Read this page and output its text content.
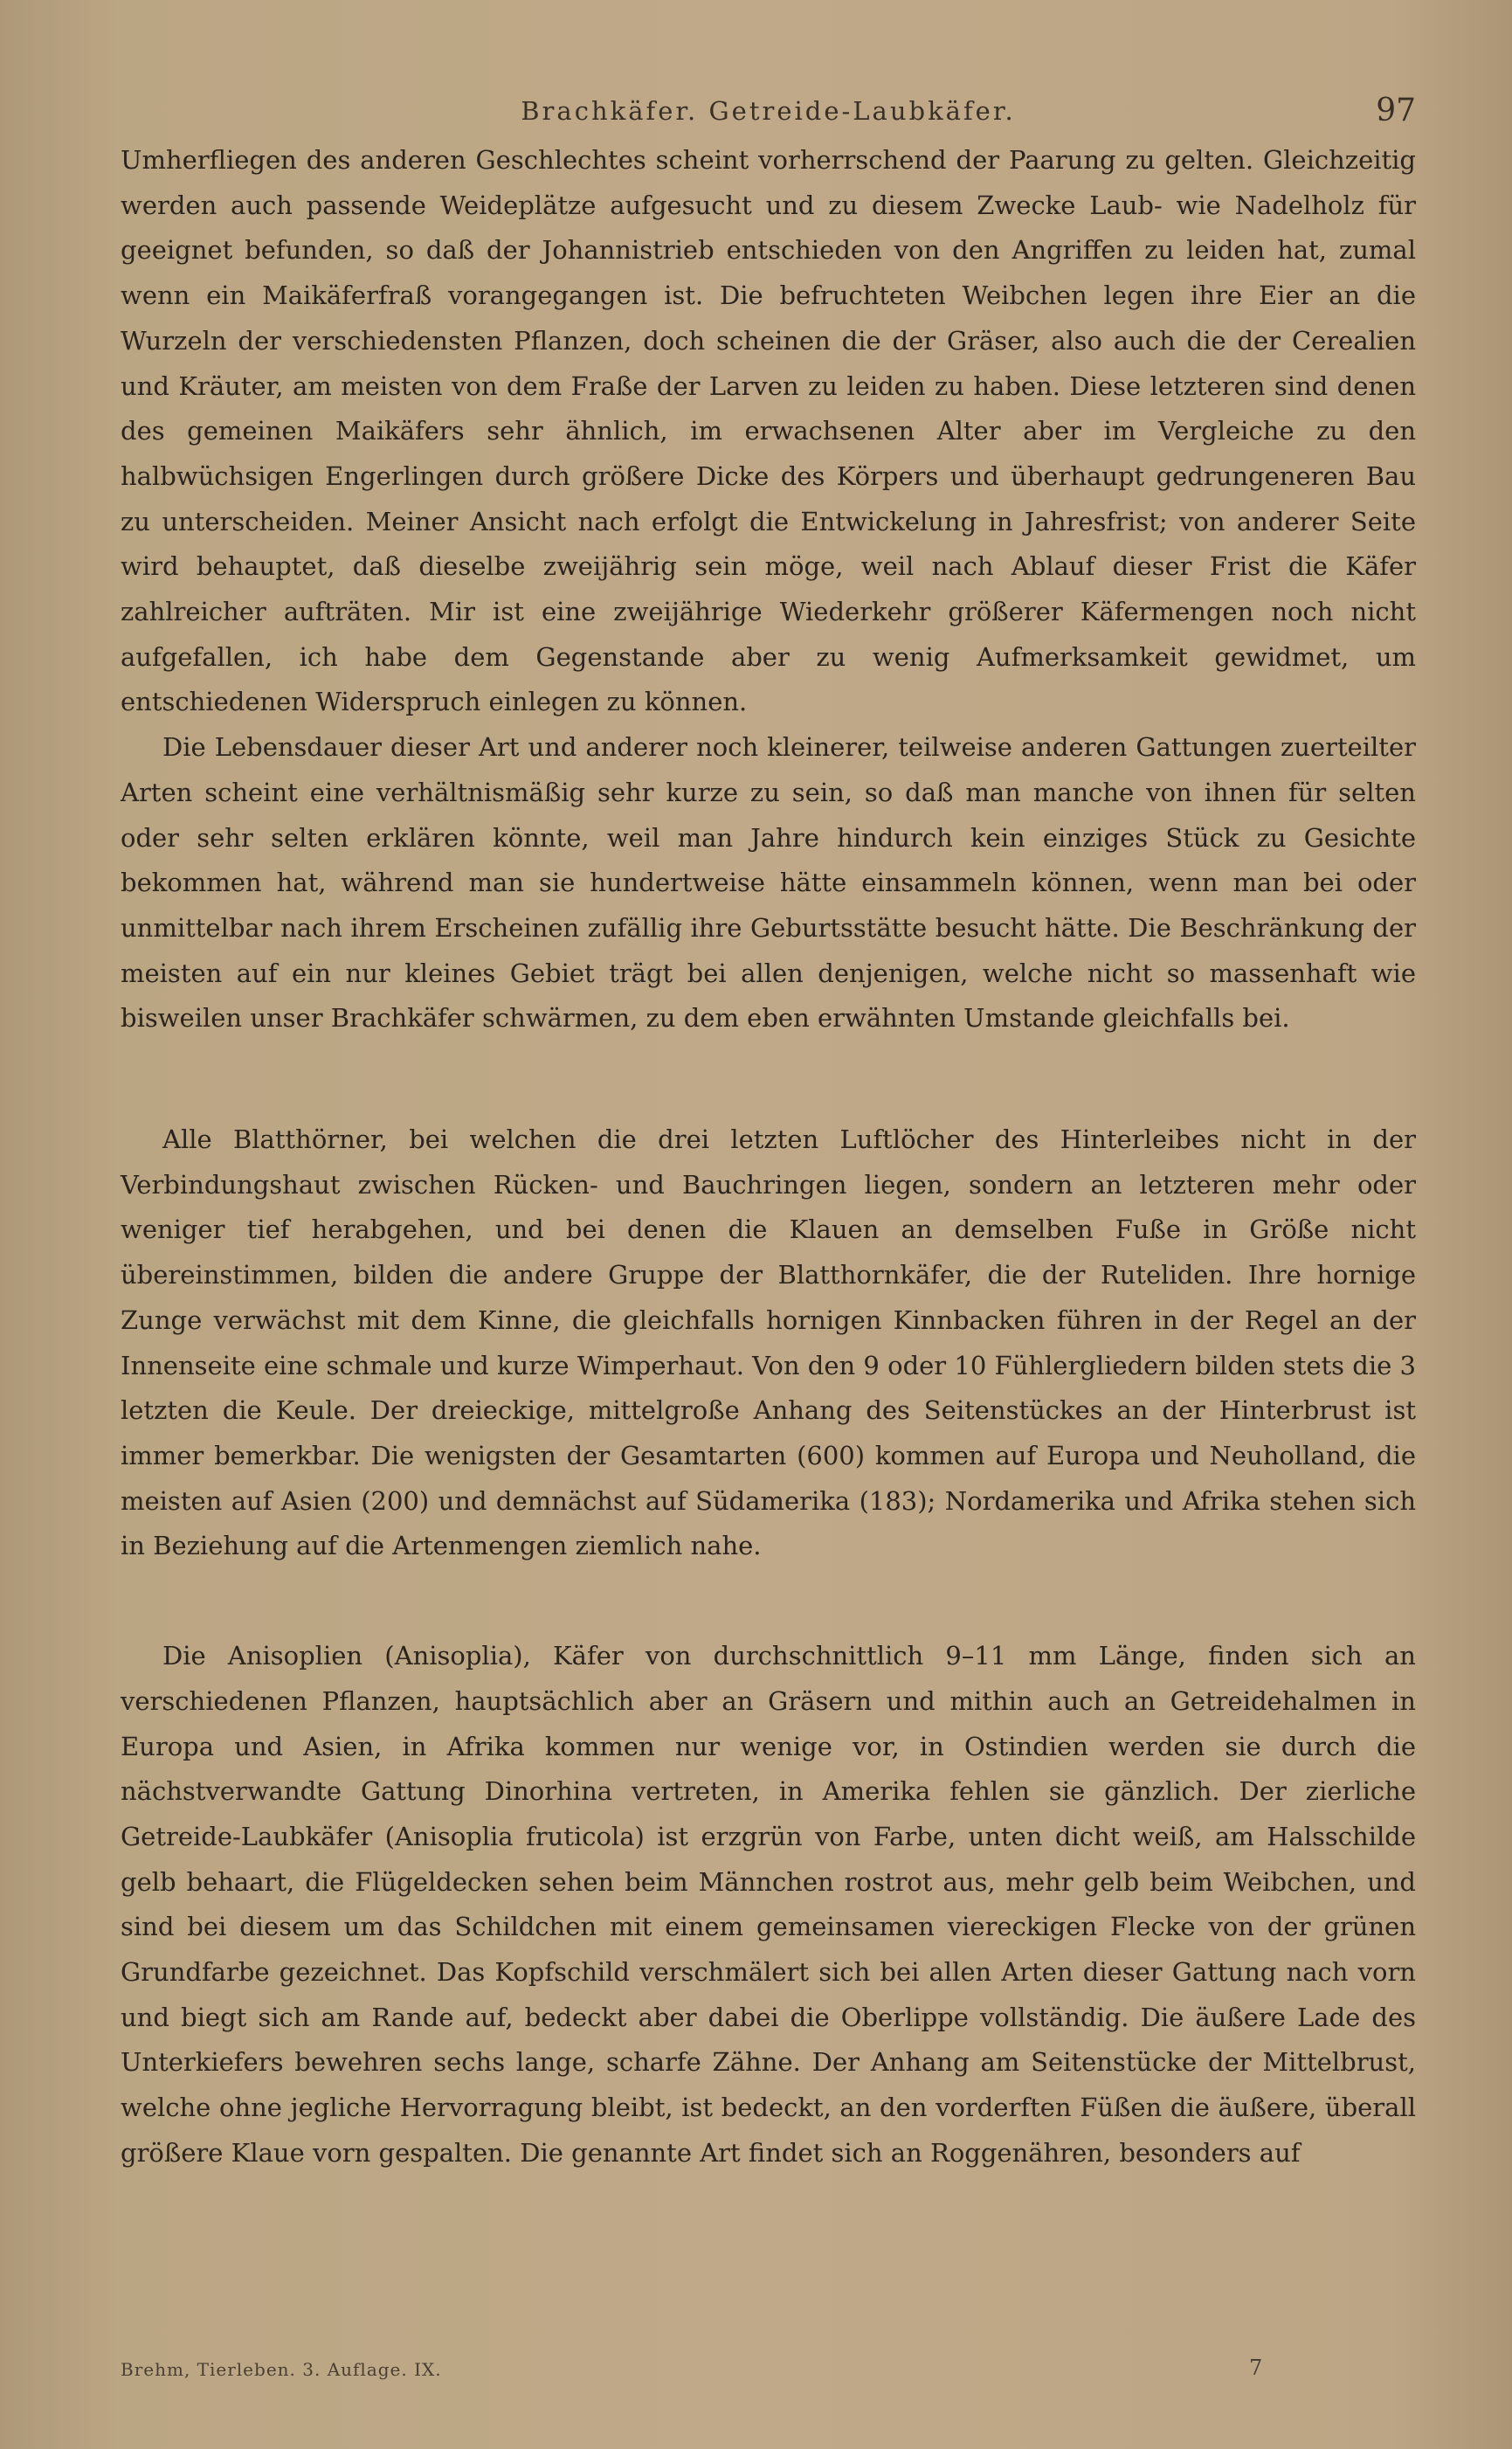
Brachkäfer. Getreide-Laubkäfer.	97

Umherfliegen des anderen Geschlechtes scheint vorherrschend der Paarung zu gelten. Gleichzeitig werden auch passende Weideplätze aufgesucht und zu diesem Zwecke Laub- wie Nadelholz für geeignet befunden, so daß der Johannistrieb entschieden von den Angriffen zu leiden hat, zumal wenn ein Maikäferfraß vorangegangen ist. Die befruchteten Weibchen legen ihre Eier an die Wurzeln der verschiedensten Pflanzen, doch scheinen die der Gräser, also auch die der Cerealien und Kräuter, am meisten von dem Fraße der Larven zu leiden zu haben. Diese letzteren sind denen des gemeinen Maikäfers sehr ähnlich, im erwachsenen Alter aber im Vergleiche zu den halbwüchsigen Engerlingen durch größere Dicke des Körpers und überhaupt gedrungeneren Bau zu unterscheiden. Meiner Ansicht nach erfolgt die Entwickelung in Jahresfrist; von anderer Seite wird behauptet, daß dieselbe zweijährig sein möge, weil nach Ablauf dieser Frist die Käfer zahlreicher aufträten. Mir ist eine zweijährige Wiederkehr größerer Käfermengen noch nicht aufgefallen, ich habe dem Gegenstande aber zu wenig Aufmerksamkeit gewidmet, um entschiedenen Widerspruch einlegen zu können.

Die Lebensdauer dieser Art und anderer noch kleinerer, teilweise anderen Gattungen zuerteilter Arten scheint eine verhältnismäßig sehr kurze zu sein, so daß man manche von ihnen für selten oder sehr selten erklären könnte, weil man Jahre hindurch kein einziges Stück zu Gesichte bekommen hat, während man sie hundertweise hätte einsammeln können, wenn man bei oder unmittelbar nach ihrem Erscheinen zufällig ihre Geburtsstätte besucht hätte. Die Beschränkung der meisten auf ein nur kleines Gebiet trägt bei allen denjenigen, welche nicht so massenhaft wie bisweilen unser Brachkäfer schwärmen, zu dem eben erwähnten Umstande gleichfalls bei.

Alle Blatthörner, bei welchen die drei letzten Luftlöcher des Hinterleibes nicht in der Verbindungshaut zwischen Rücken- und Bauchringen liegen, sondern an letzteren mehr oder weniger tief herabgehen, und bei denen die Klauen an demselben Fuße in Größe nicht übereinstimmen, bilden die andere Gruppe der Blatthornkäfer, die der Ruteliden. Ihre hornige Zunge verwächst mit dem Kinne, die gleichfalls hornigen Kinnbacken führen in der Regel an der Innenseite eine schmale und kurze Wimperhaut. Von den 9 oder 10 Fühlergliedern bilden stets die 3 letzten die Keule. Der dreieckige, mittelgroße Anhang des Seitenstückes an der Hinterbrust ist immer bemerkbar. Die wenigsten der Gesamtarten (600) kommen auf Europa und Neuholland, die meisten auf Asien (200) und demnächst auf Südamerika (183); Nordamerika und Afrika stehen sich in Beziehung auf die Artenmengen ziemlich nahe.

Die Anisoplien (Anisoplia), Käfer von durchschnittlich 9–11 mm Länge, finden sich an verschiedenen Pflanzen, hauptsächlich aber an Gräsern und mithin auch an Getreidehalmen in Europa und Asien, in Afrika kommen nur wenige vor, in Ostindien werden sie durch die nächstverwandte Gattung Dinorhina vertreten, in Amerika fehlen sie gänzlich. Der zierliche Getreide-Laubkäfer (Anisoplia fruticola) ist erzgrün von Farbe, unten dicht weiß, am Halsschilde gelb behaart, die Flügeldecken sehen beim Männchen rostrot aus, mehr gelb beim Weibchen, und sind bei diesem um das Schildchen mit einem gemeinsamen viereckigen Flecke von der grünen Grundfarbe gezeichnet. Das Kopfschild verschmälert sich bei allen Arten dieser Gattung nach vorn und biegt sich am Rande auf, bedeckt aber dabei die Oberlippe vollständig. Die äußere Lade des Unterkiefers bewehren sechs lange, scharfe Zähne. Der Anhang am Seitenstücke der Mittelbrust, welche ohne jegliche Hervorragung bleibt, ist bedeckt, an den vorderften Füßen die äußere, überall größere Klaue vorn gespalten. Die genannte Art findet sich an Roggenähren, besonders auf

Brehm, Tierleben. 3. Auflage. IX.	7
